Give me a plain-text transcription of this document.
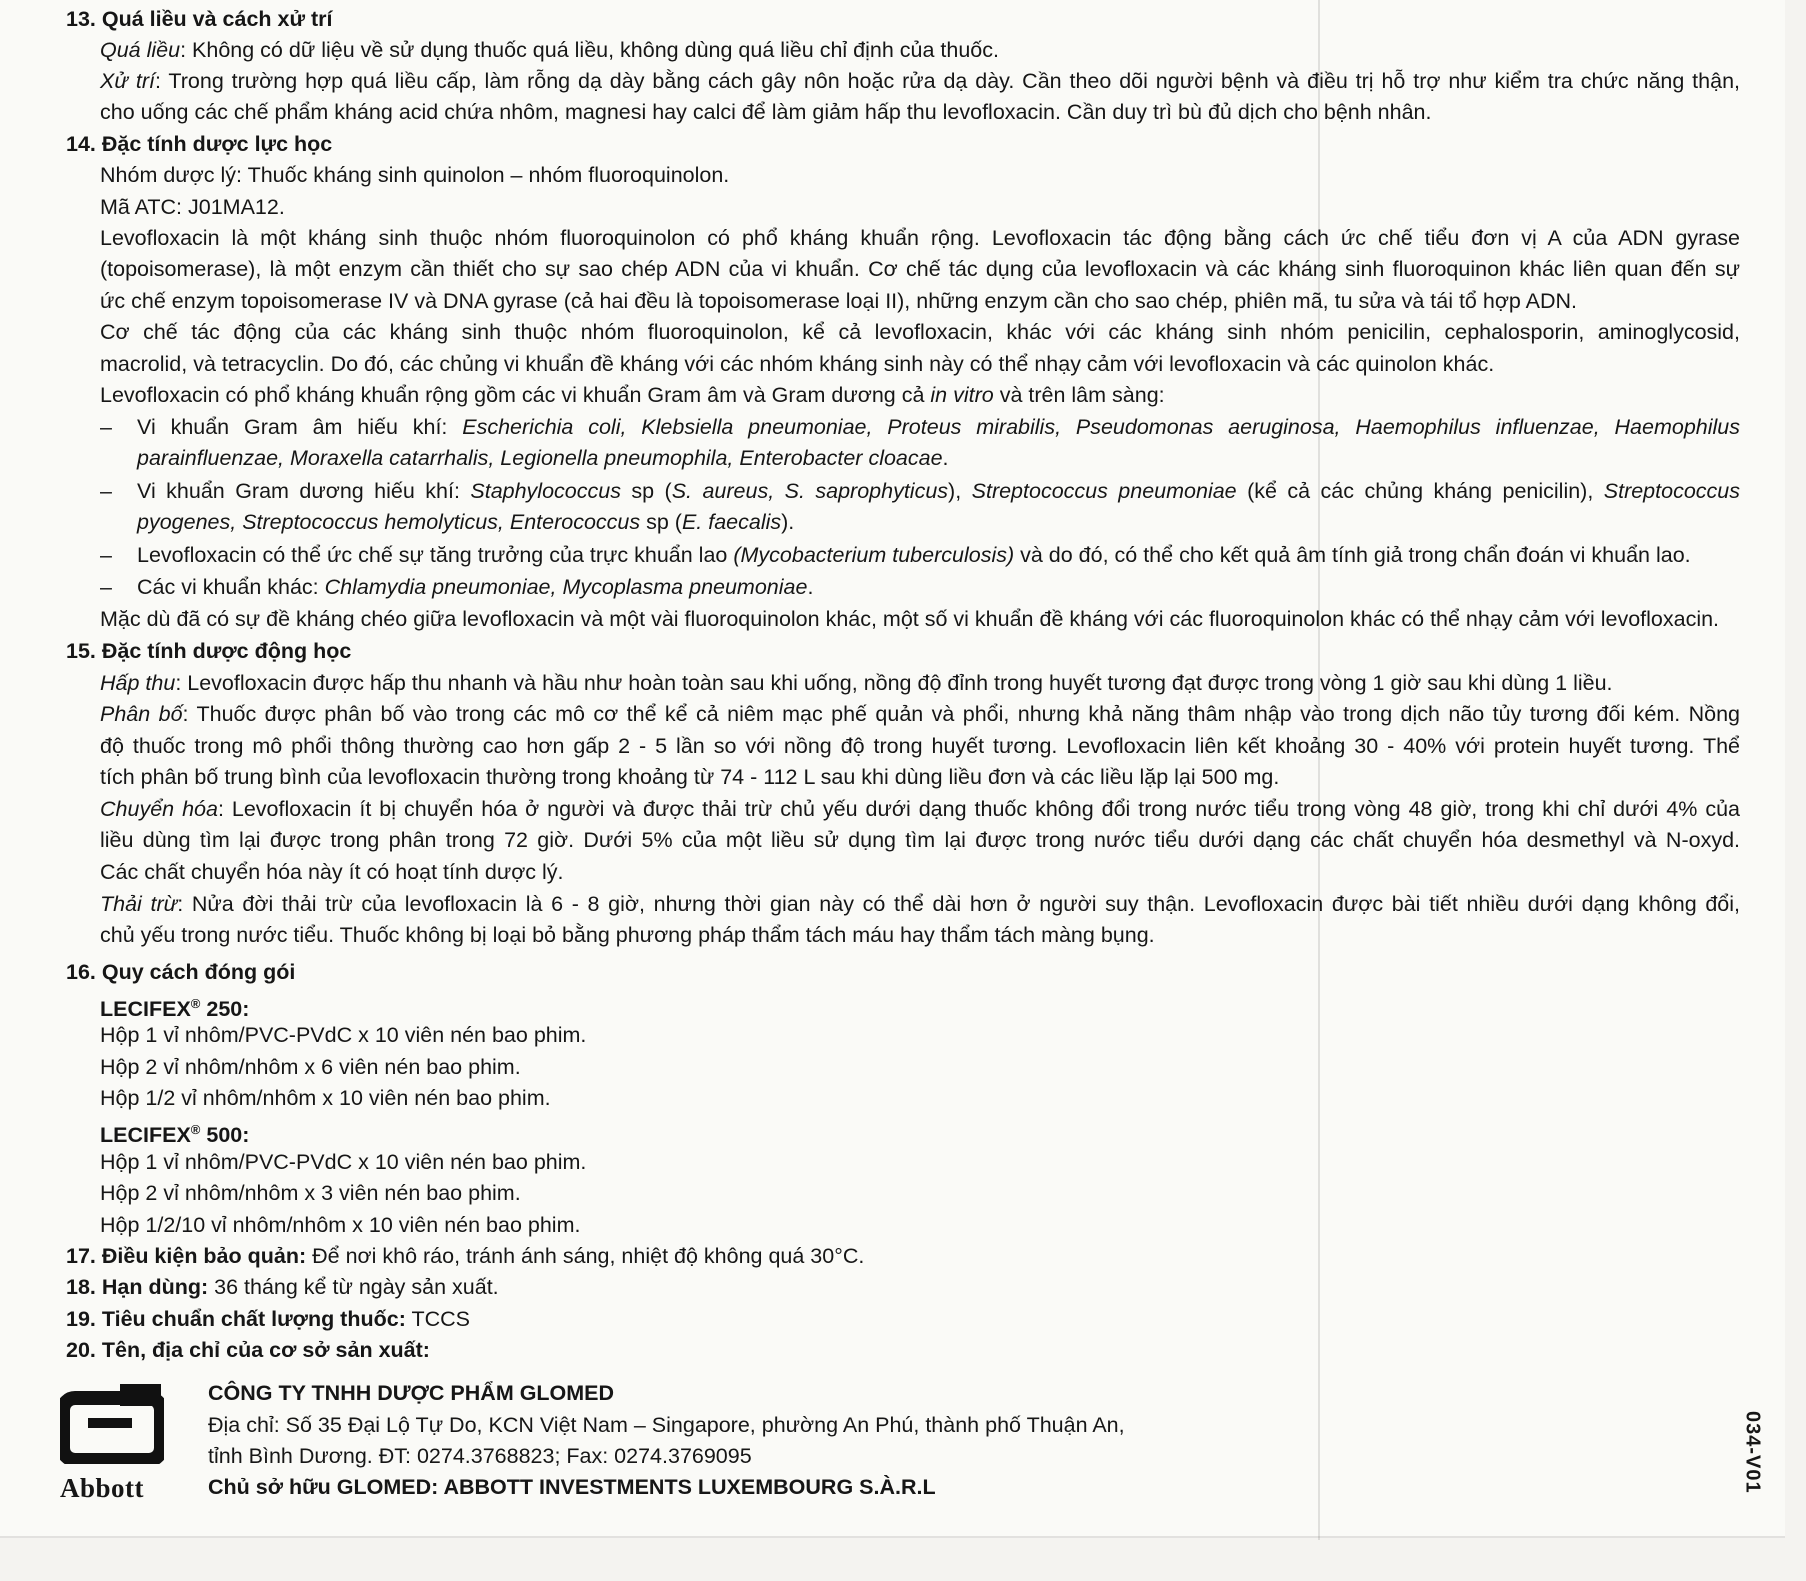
13. Quá liều và cách xử trí
Quá liều: Không có dữ liệu về sử dụng thuốc quá liều, không dùng quá liều chỉ định của thuốc.
Xử trí: Trong trường hợp quá liều cấp, làm rỗng dạ dày bằng cách gây nôn hoặc rửa dạ dày. Cần theo dõi người bệnh và điều trị hỗ trợ như kiểm tra chức năng thận,
cho uống các chế phẩm kháng acid chứa nhôm, magnesi hay calci để làm giảm hấp thu levofloxacin. Cần duy trì bù đủ dịch cho bệnh nhân.
14. Đặc tính dược lực học
Nhóm dược lý: Thuốc kháng sinh quinolon – nhóm fluoroquinolon.
Mã ATC: J01MA12.
Levofloxacin là một kháng sinh thuộc nhóm fluoroquinolon có phổ kháng khuẩn rộng. Levofloxacin tác động bằng cách ức chế tiểu đơn vị A của ADN gyrase
(topoisomerase), là một enzym cần thiết cho sự sao chép ADN của vi khuẩn. Cơ chế tác dụng của levofloxacin và các kháng sinh fluoroquinon khác liên quan đến sự
ức chế enzym topoisomerase IV và DNA gyrase (cả hai đều là topoisomerase loại II), những enzym cần cho sao chép, phiên mã, tu sửa và tái tổ hợp ADN.
Cơ chế tác động của các kháng sinh thuộc nhóm fluoroquinolon, kể cả levofloxacin, khác với các kháng sinh nhóm penicilin, cephalosporin, aminoglycosid,
macrolid, và tetracyclin. Do đó, các chủng vi khuẩn đề kháng với các nhóm kháng sinh này có thể nhạy cảm với levofloxacin và các quinolon khác.
Levofloxacin có phổ kháng khuẩn rộng gồm các vi khuẩn Gram âm và Gram dương cả in vitro và trên lâm sàng:
– Vi khuẩn Gram âm hiếu khí: Escherichia coli, Klebsiella pneumoniae, Proteus mirabilis, Pseudomonas aeruginosa, Haemophilus influenzae, Haemophilus
parainfluenzae, Moraxella catarrhalis, Legionella pneumophila, Enterobacter cloacae.
– Vi khuẩn Gram dương hiếu khí: Staphylococcus sp (S. aureus, S. saprophyticus), Streptococcus pneumoniae (kể cả các chủng kháng penicilin), Streptococcus
pyogenes, Streptococcus hemolyticus, Enterococcus sp (E. faecalis).
– Levofloxacin có thể ức chế sự tăng trưởng của trực khuẩn lao (Mycobacterium tuberculosis) và do đó, có thể cho kết quả âm tính giả trong chẩn đoán vi khuẩn lao.
– Các vi khuẩn khác: Chlamydia pneumoniae, Mycoplasma pneumoniae.
Mặc dù đã có sự đề kháng chéo giữa levofloxacin và một vài fluoroquinolon khác, một số vi khuẩn đề kháng với các fluoroquinolon khác có thể nhạy cảm với levofloxacin.
15. Đặc tính dược động học
Hấp thu: Levofloxacin được hấp thu nhanh và hầu như hoàn toàn sau khi uống, nồng độ đỉnh trong huyết tương đạt được trong vòng 1 giờ sau khi dùng 1 liều.
Phân bố: Thuốc được phân bố vào trong các mô cơ thể kể cả niêm mạc phế quản và phổi, nhưng khả năng thâm nhập vào trong dịch não tủy tương đối kém. Nồng
độ thuốc trong mô phổi thông thường cao hơn gấp 2 - 5 lần so với nồng độ trong huyết tương. Levofloxacin liên kết khoảng 30 - 40% với protein huyết tương. Thể
tích phân bố trung bình của levofloxacin thường trong khoảng từ 74 - 112 L sau khi dùng liều đơn và các liều lặp lại 500 mg.
Chuyển hóa: Levofloxacin ít bị chuyển hóa ở người và được thải trừ chủ yếu dưới dạng thuốc không đổi trong nước tiểu trong vòng 48 giờ, trong khi chỉ dưới 4% của
liều dùng tìm lại được trong phân trong 72 giờ. Dưới 5% của một liều sử dụng tìm lại được trong nước tiểu dưới dạng các chất chuyển hóa desmethyl và N-oxyd.
Các chất chuyển hóa này ít có hoạt tính dược lý.
Thải trừ: Nửa đời thải trừ của levofloxacin là 6 - 8 giờ, nhưng thời gian này có thể dài hơn ở người suy thận. Levofloxacin được bài tiết nhiều dưới dạng không đổi,
chủ yếu trong nước tiểu. Thuốc không bị loại bỏ bằng phương pháp thẩm tách máu hay thẩm tách màng bụng.
16. Quy cách đóng gói
LECIFEX® 250:
Hộp 1 vỉ nhôm/PVC-PVdC x 10 viên nén bao phim.
Hộp 2 vỉ nhôm/nhôm x 6 viên nén bao phim.
Hộp 1/2 vỉ nhôm/nhôm x 10 viên nén bao phim.
LECIFEX® 500:
Hộp 1 vỉ nhôm/PVC-PVdC x 10 viên nén bao phim.
Hộp 2 vỉ nhôm/nhôm x 3 viên nén bao phim.
Hộp 1/2/10 vỉ nhôm/nhôm x 10 viên nén bao phim.
17. Điều kiện bảo quản: Để nơi khô ráo, tránh ánh sáng, nhiệt độ không quá 30°C.
18. Hạn dùng: 36 tháng kể từ ngày sản xuất.
19. Tiêu chuẩn chất lượng thuốc: TCCS
20. Tên, địa chỉ của cơ sở sản xuất:
Abbott
CÔNG TY TNHH DƯỢC PHẨM GLOMED
Địa chỉ: Số 35 Đại Lộ Tự Do, KCN Việt Nam – Singapore, phường An Phú, thành phố Thuận An,
tỉnh Bình Dương. ĐT: 0274.3768823; Fax: 0274.3769095
Chủ sở hữu GLOMED: ABBOTT INVESTMENTS LUXEMBOURG S.À.R.L	034-V01
